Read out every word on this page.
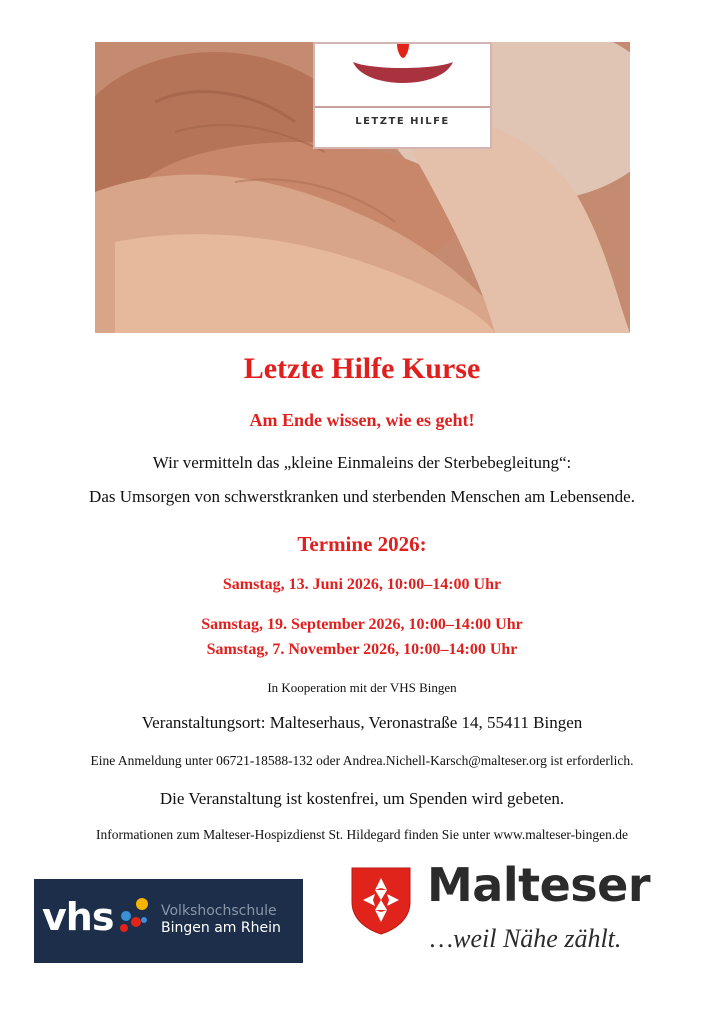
LETZTE HILFE
Letzte Hilfe Kurse
Am Ende wissen, wie es geht!
Wir vermitteln das „kleine Einmaleins der Sterbebegleitung“:
Das Umsorgen von schwerstkranken und sterbenden Menschen am Lebensende.
Termine 2026:
Samstag, 13. Juni 2026, 10:00–14:00 Uhr
Samstag, 19. September 2026, 10:00–14:00 Uhr
Samstag, 7. November 2026, 10:00–14:00 Uhr
In Kooperation mit der VHS Bingen
Veranstaltungsort: Malteserhaus, Veronastraße 14, 55411 Bingen
Eine Anmeldung unter 06721-18588-132 oder Andrea.Nichell-Karsch@malteser.org ist erforderlich.
Die Veranstaltung ist kostenfrei, um Spenden wird gebeten.
Informationen zum Malteser-Hospizdienst St. Hildegard finden Sie unter www.malteser-bingen.de
vhs	Volkshochschule
Bingen am Rhein
Malteser
…weil Nähe zählt.
